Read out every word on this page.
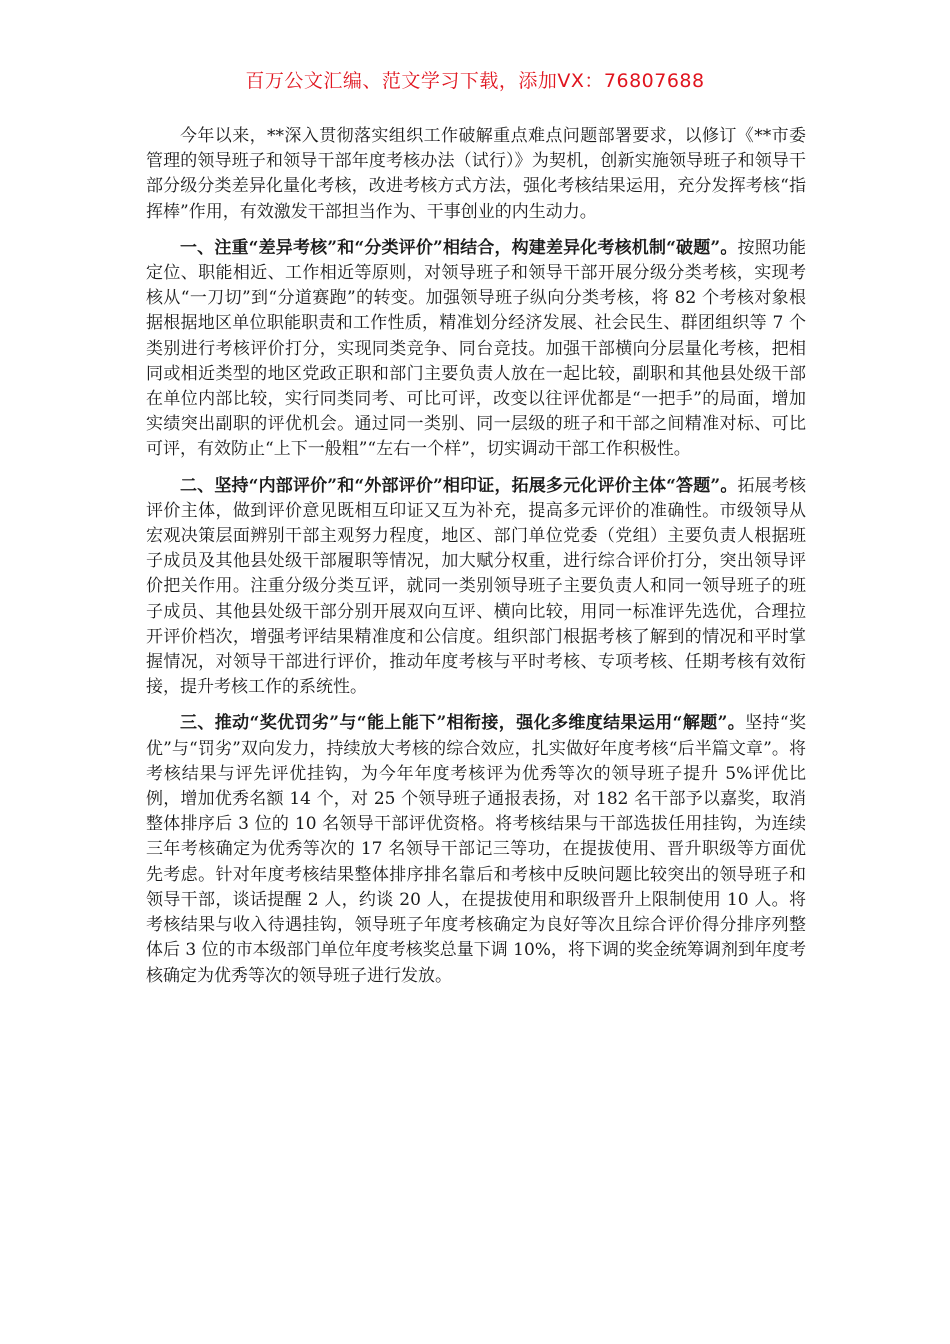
百万公文汇编、范文学习下载，添加VX：76807688

今年以来，**深入贯彻落实组织工作破解重点难点问题部署要求，以修订《**市委管理的领导班子和领导干部年度考核办法（试行）》为契机，创新实施领导班子和领导干部分级分类差异化量化考核，改进考核方式方法，强化考核结果运用，充分发挥考核“指挥棒”作用，有效激发干部担当作为、干事创业的内生动力。

一、注重“差异考核”和“分类评价”相结合，构建差异化考核机制“破题”。按照功能定位、职能相近、工作相近等原则，对领导班子和领导干部开展分级分类考核，实现考核从“一刀切”到“分道赛跑”的转变。加强领导班子纵向分类考核，将 82 个考核对象根据根据地区单位职能职责和工作性质，精准划分经济发展、社会民生、群团组织等 7 个类别进行考核评价打分，实现同类竞争、同台竞技。加强干部横向分层量化考核，把相同或相近类型的地区党政正职和部门主要负责人放在一起比较，副职和其他县处级干部在单位内部比较，实行同类同考、可比可评，改变以往评优都是“一把手”的局面，增加实绩突出副职的评优机会。通过同一类别、同一层级的班子和干部之间精准对标、可比可评，有效防止“上下一般粗”“左右一个样”，切实调动干部工作积极性。

二、坚持“内部评价”和“外部评价”相印证，拓展多元化评价主体“答题”。拓展考核评价主体，做到评价意见既相互印证又互为补充，提高多元评价的准确性。市级领导从宏观决策层面辨别干部主观努力程度，地区、部门单位党委（党组）主要负责人根据班子成员及其他县处级干部履职等情况，加大赋分权重，进行综合评价打分，突出领导评价把关作用。注重分级分类互评，就同一类别领导班子主要负责人和同一领导班子的班子成员、其他县处级干部分别开展双向互评、横向比较，用同一标准评先选优，合理拉开评价档次，增强考评结果精准度和公信度。组织部门根据考核了解到的情况和平时掌握情况，对领导干部进行评价，推动年度考核与平时考核、专项考核、任期考核有效衔接，提升考核工作的系统性。

三、推动“奖优罚劣”与“能上能下”相衔接，强化多维度结果运用“解题”。坚持“奖优”与“罚劣”双向发力，持续放大考核的综合效应，扎实做好年度考核“后半篇文章”。将考核结果与评先评优挂钩，为今年年度考核评为优秀等次的领导班子提升 5%评优比例，增加优秀名额 14 个，对 25 个领导班子通报表扬，对 182 名干部予以嘉奖，取消整体排序后 3 位的 10 名领导干部评优资格。将考核结果与干部选拔任用挂钩，为连续三年考核确定为优秀等次的 17 名领导干部记三等功，在提拔使用、晋升职级等方面优先考虑。针对年度考核结果整体排序排名靠后和考核中反映问题比较突出的领导班子和领导干部，谈话提醒 2 人，约谈 20 人，在提拔使用和职级晋升上限制使用 10 人。将考核结果与收入待遇挂钩，领导班子年度考核确定为良好等次且综合评价得分排序列整体后 3 位的市本级部门单位年度考核奖总量下调 10%，将下调的奖金统筹调剂到年度考核确定为优秀等次的领导班子进行发放。
